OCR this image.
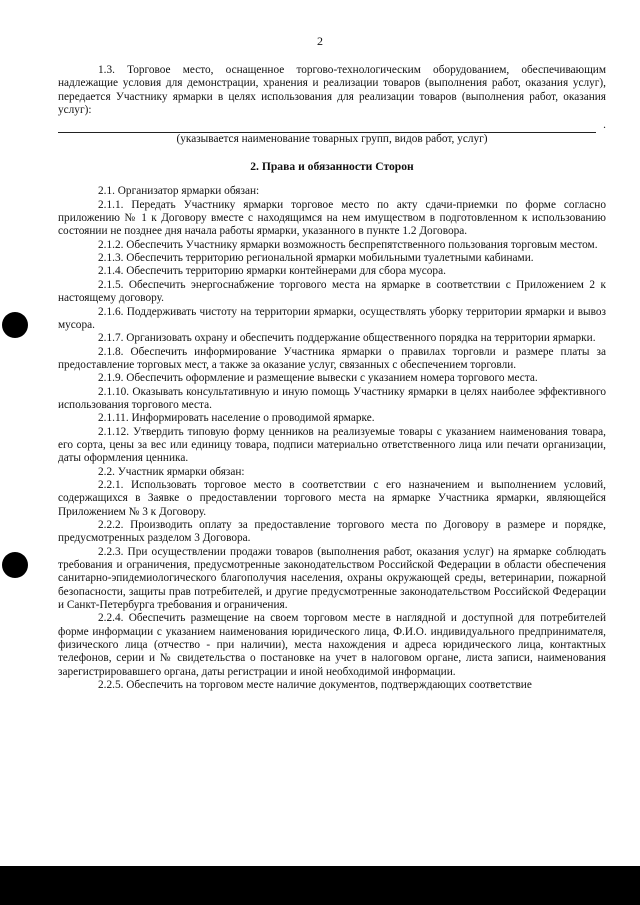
2

1.3. Торговое место, оснащенное торгово-технологическим оборудованием, обеспечивающим надлежащие условия для демонстрации, хранения и реализации товаров (выполнения работ, оказания услуг), передается Участнику ярмарки в целях использования для реализации товаров (выполнения работ, оказания услуг):

.

(указывается наименование товарных групп, видов работ, услуг)

2. Права и обязанности Сторон

2.1. Организатор ярмарки обязан:

2.1.1. Передать Участнику ярмарки торговое место по акту сдачи-приемки по форме согласно приложению № 1 к Договору вместе с находящимся на нем имуществом в подготовленном к использованию состоянии не позднее дня начала работы ярмарки, указанного в пункте 1.2 Договора.

2.1.2. Обеспечить Участнику ярмарки возможность беспрепятственного пользования торговым местом.

2.1.3. Обеспечить территорию региональной ярмарки мобильными туалетными кабинами.

2.1.4. Обеспечить территорию ярмарки контейнерами для сбора мусора.

2.1.5. Обеспечить энергоснабжение торгового места на ярмарке в соответствии с Приложением 2 к настоящему договору.

2.1.6. Поддерживать чистоту на территории ярмарки, осуществлять уборку территории ярмарки и вывоз мусора.

2.1.7. Организовать охрану и обеспечить поддержание общественного порядка на территории ярмарки.

2.1.8. Обеспечить информирование Участника ярмарки о правилах торговли и размере платы за предоставление торговых мест, а также за оказание услуг, связанных с обеспечением торговли.

2.1.9. Обеспечить оформление и размещение вывески с указанием номера торгового места.

2.1.10. Оказывать консультативную и иную помощь Участнику ярмарки в целях наиболее эффективного использования торгового места.

2.1.11. Информировать население о проводимой ярмарке.

2.1.12. Утвердить типовую форму ценников на реализуемые товары с указанием наименования товара, его сорта, цены за вес или единицу товара, подписи материально ответственного лица или печати организации, даты оформления ценника.

2.2. Участник ярмарки обязан:

2.2.1. Использовать торговое место в соответствии с его назначением и выполнением условий, содержащихся в Заявке о предоставлении торгового места на ярмарке Участника ярмарки, являющейся Приложением № 3 к Договору.

2.2.2. Производить оплату за предоставление торгового места по Договору в размере и порядке, предусмотренных разделом 3 Договора.

2.2.3. При осуществлении продажи товаров (выполнения работ, оказания услуг) на ярмарке соблюдать требования и ограничения, предусмотренные законодательством Российской Федерации в области обеспечения санитарно-эпидемиологического благополучия населения, охраны окружающей среды, ветеринарии, пожарной безопасности, защиты прав потребителей, и другие предусмотренные законодательством Российской Федерации и Санкт-Петербурга требования и ограничения.

2.2.4. Обеспечить размещение на своем торговом месте в наглядной и доступной для потребителей форме информации с указанием наименования юридического лица, Ф.И.О. индивидуального предпринимателя, физического лица (отчество - при наличии), места нахождения и адреса юридического лица, контактных телефонов, серии и № свидетельства о постановке на учет в налоговом органе, листа записи, наименования зарегистрировавшего органа, даты регистрации и иной необходимой информации.

2.2.5. Обеспечить на торговом месте наличие документов, подтверждающих соответствие
